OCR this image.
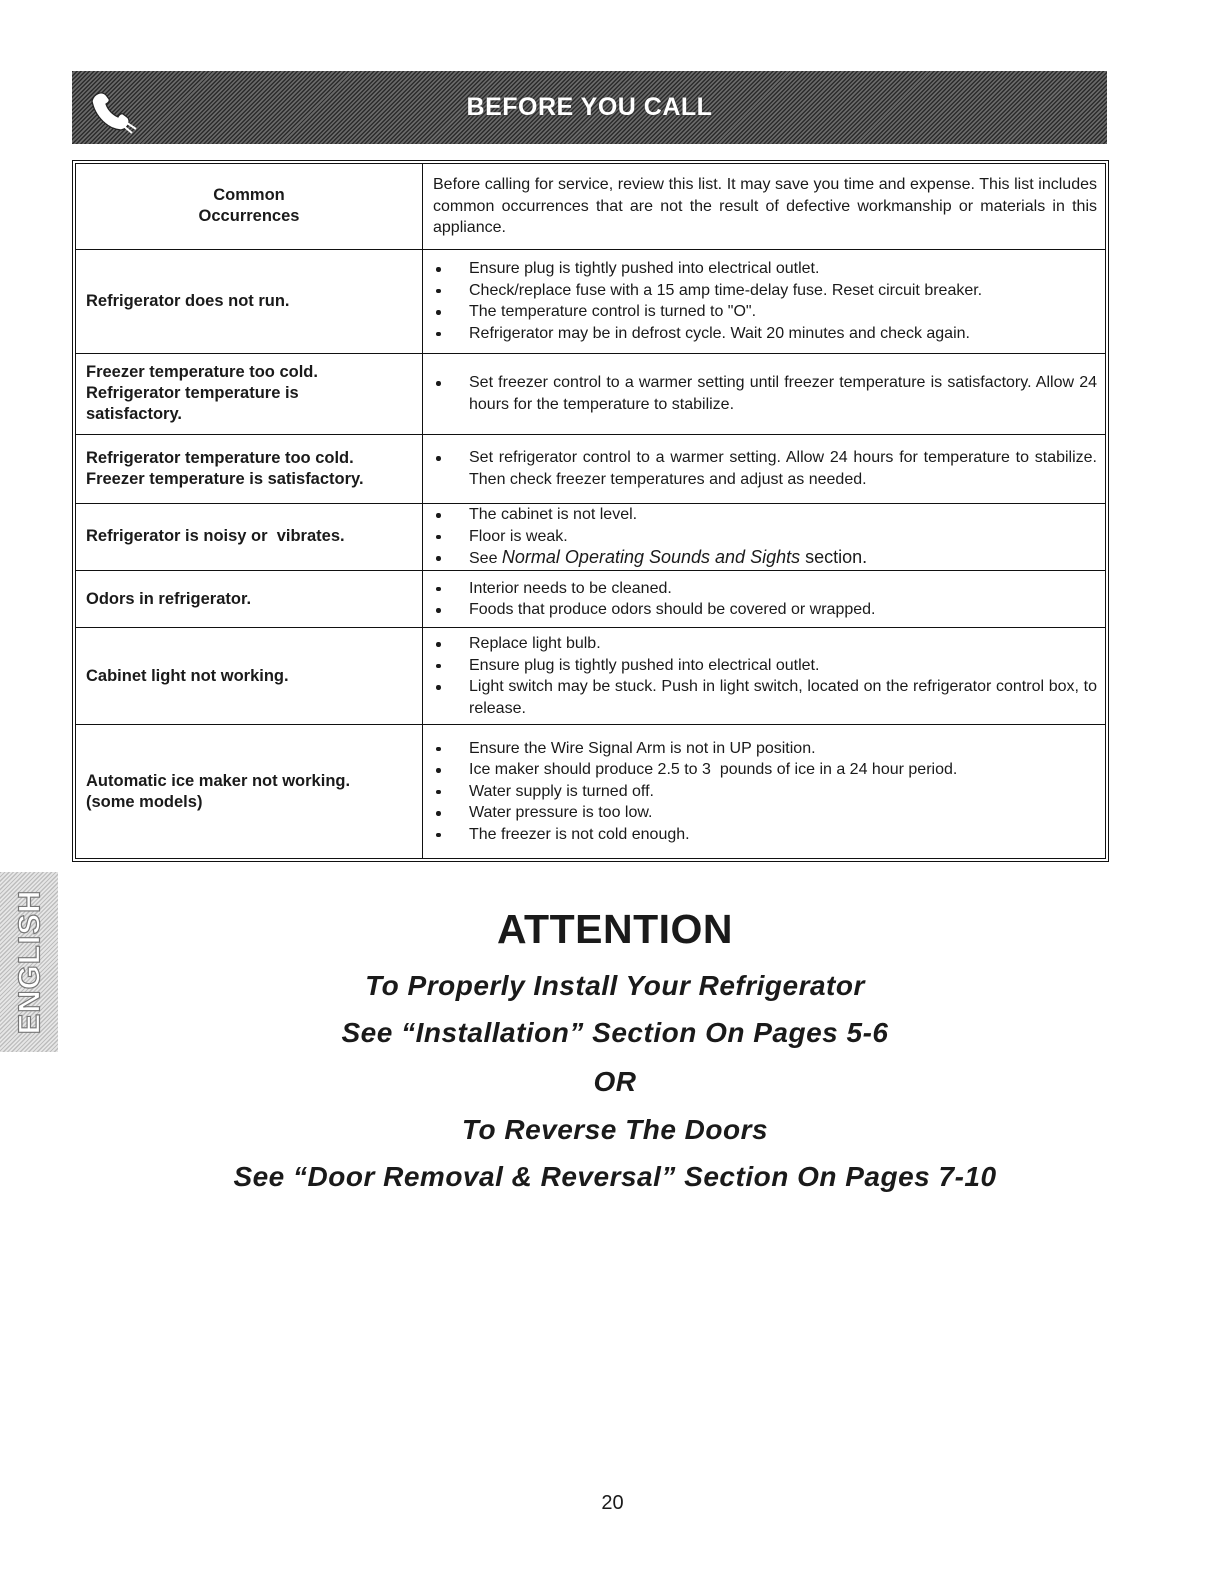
BEFORE YOU CALL
Common
Occurrences

Before calling for service, review this list. It may save you time and expense. This list includes common occurrences that are not the result of defective workmanship or materials in this appliance.

Refrigerator does not run.
Ensure plug is tightly pushed into electrical outlet.
Check/replace fuse with a 15 amp time-delay fuse. Reset circuit breaker.
The temperature control is turned to "O".
Refrigerator may be in defrost cycle. Wait 20 minutes and check again.
Freezer temperature too cold.
Refrigerator temperature is
satisfactory.
Set freezer control to a warmer setting until freezer temperature is satisfactory. Allow 24 hours for the temperature to stabilize.
Refrigerator temperature too cold.
Freezer temperature is satisfactory.
Set refrigerator control to a warmer setting. Allow 24 hours for temperature to stabilize. Then check freezer temperatures and adjust as needed.
Refrigerator is noisy or  vibrates.
The cabinet is not level.
Floor is weak.
See Normal Operating Sounds and Sights section.
Odors in refrigerator.
Interior needs to be cleaned.
Foods that produce odors should be covered or wrapped.
Cabinet light not working.
Replace light bulb.
Ensure plug is tightly pushed into electrical outlet.
Light switch may be stuck. Push in light switch, located on the refrigerator control box, to release.
Automatic ice maker not working.
(some models)
Ensure the Wire Signal Arm is not in UP position.
Ice maker should produce 2.5 to 3  pounds of ice in a 24 hour period.
Water supply is turned off.
Water pressure is too low.
The freezer is not cold enough.
ENGLISH	ATTENTION
To Properly Install Your Refrigerator
See “Installation” Section On Pages 5-6
OR
To Reverse The Doors
See “Door Removal & Reversal” Section On Pages 7-10
20
